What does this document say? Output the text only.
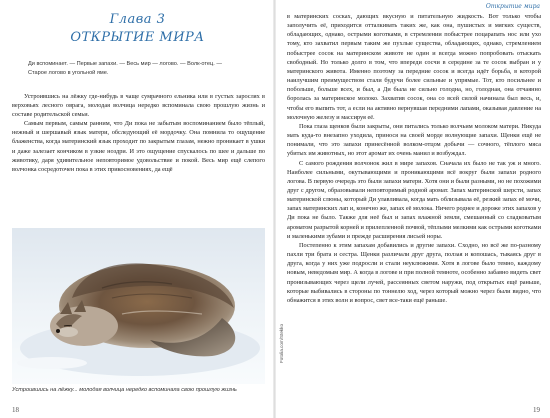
Глава 3
ОТКРЫТИЕ МИРА
Ди вспоминает. — Первые запахи. — Весь мир — логово. — Волк-отец. —
Старое логово в угольной яме.

Устроившись на лёжку где-нибудь в чаще сумрачного ельника или в густых зарослях в верховьях лесного оврага, молодая волчица нередко вспоминала свою прошлую жизнь и составе родительской семьи.

Самым первым, самым ранним, что Ди пока не забытым воспоминанием было тёплый, нежный и шершавый язык матери, обследующий её мордочку. Она помнила то ощущение блаженства, когда материнский язык проходит по закрытым глазам, нежно проникает в ушки и даже залезает кончиком в узкие ноздри. И это ощущение спускалось по шее и дальше по животику, даря удивительное неповторимое удовольствие и покой. Весь мир ещё слепого волчонка сосредоточен пока в этих прикосновениях, да ещё

Fotolia.com/Stekko
Устроившись на лёжку... молодая волчица нередко вспоминала свою прошлую жизнь
18
Открытие мира

в материнских сосках, дающих вкусную и питательную жидкость. Вот только чтобы заполучить её, приходится отталкивать таких же, как она, пушистых и мягких существ, обладающих, однако, острыми коготками, в стремлении побыстрее поцарапать нос или ухо тому, кто захватил первым таким же пухлые существа, обладающих, однако, стремлением побыстрее сосок на материнском животе не один и всегда можно попробовать отыскать свободный. Но только долго в том, что впереди сосчи в середине за те сосок выбран и у материнского живота. Именно поэтому за передние сосок и всегда идёт борьба, в которой наилучшим преимуществом стали будучи более сильные и упрямые. Тот, кто посильнее и побольше, больше всех, и был, а Ди была не сильно голодна, но, голодная, она отчаянно боролась за материнское молоко. Захватив сосок, она со всей силой начинала был весь, и, чтобы его выпить тот, а если на активно вернувшая передними лапами, оказывая давление на молочную железу и массируя её.

Пока глаза щенков были закрыты, они питались только волчьим молоком матери. Никуда мать куда-то внезапно уходила, принося на своей морде волнующие запахи. Щенки ещё не понимали, что это запахи принесённой волком-отцом добычи — сочного, тёплого мяса убитых им животных, но этот аромат их очень манил и возбуждал.

С самого рождения волчонок жил в мире запахов. Сначала их было не так уж и много. Наиболее сильными, окутывающими и проникающими всё вокруг были запахи родного логова. В первую очередь это были запахи матери. Хотя они и были разными, но не похожими друг с другом, образовывали неповторимый родной аромат. Запах материнской шерсти, запах материнской слюны, который Ди улавливала, когда мать облизывала её, резкий запах её мочи, запах материнских лап и, конечно же, запах её молока. Ничего роднее и дороже этих запахов у Ди пока не было. Также для неё был и запах влажной земли, смешанный со сладковатым ароматом разрытой корней и прилепленной почвой, тёплыми мелкими как острыми коготками и маленькими зубами и прежде расширения лисьей норы.

Постепенно к этим запахам добавились и другие запахи. Сходно, но всё же по-разному пахли три брата и сестра. Щенки различали друг друга, ползая и копошась, тыкаясь друг в друга, когда у них уже подросли и стали неуклюжими. Хотя в логове было темно, каждому новым, неведомым мир. А когда в логове и при полной темноте, особенно забавно видеть свет пронизывающих через щели лучей, рассеянных светом наружи, под открытых ещё раньше, которые выбивались в стороны по тоннелю ход, через который можно через были видно, что обнажится в этих волн и вопрос, свет все-таки ещё раньше.

19
